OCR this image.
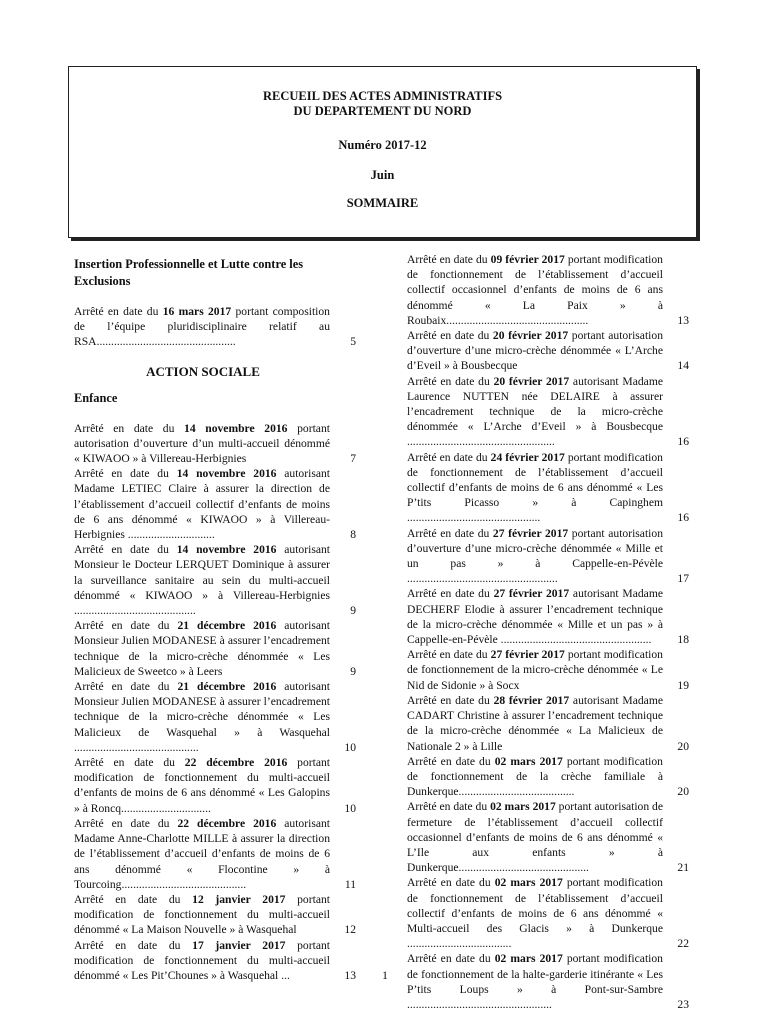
RECUEIL DES ACTES ADMINISTRATIFS
DU DEPARTEMENT DU NORD
Numéro 2017-12
Juin
SOMMAIRE
Insertion Professionnelle et Lutte contre les Exclusions
Arrêté en date du 16 mars 2017 portant composition de l’équipe pluridisciplinaire relatif au RSA................................................	5
ACTION SOCIALE
Enfance
Arrêté en date du 14 novembre 2016 portant autorisation d’ouverture d’un multi-accueil dénommé « KIWAOO » à Villereau-Herbignies	7
Arrêté en date du 14 novembre 2016 autorisant Madame LETIEC Claire à assurer la direction de l’établissement d’accueil collectif d’enfants de moins de 6 ans dénommé « KIWAOO » à Villereau-Herbignies ..............................	8
Arrêté en date du 14 novembre 2016 autorisant Monsieur le Docteur LERQUET Dominique à assurer la surveillance sanitaire au sein du multi-accueil dénommé « KIWAOO » à Villereau-Herbignies ..........................................	9
Arrêté en date du 21 décembre 2016 autorisant Monsieur Julien MODANESE à assurer l’encadrement technique de la micro-crèche dénommée « Les Malicieux de Sweetco » à Leers	9
Arrêté en date du 21 décembre 2016 autorisant Monsieur Julien MODANESE à assurer l’encadrement technique de la micro-crèche dénommée « Les Malicieux de Wasquehal » à Wasquehal ...........................................	10
Arrêté en date du 22 décembre 2016 portant modification de fonctionnement du multi-accueil d’enfants de moins de 6 ans dénommé « Les Galopins » à Roncq...............................	10
Arrêté en date du 22 décembre 2016 autorisant Madame Anne-Charlotte MILLE à assurer la direction de l’établissement d’accueil d’enfants de moins de 6 ans dénommé « Flocontine » à Tourcoing...........................................	11
Arrêté en date du 12 janvier 2017 portant modification de fonctionnement du multi-accueil dénommé « La Maison Nouvelle » à Wasquehal	12
Arrêté en date du 17 janvier 2017 portant modification de fonctionnement du multi-accueil dénommé « Les Pit’Chounes » à Wasquehal ...	13
Arrêté en date du 09 février 2017 portant modification de fonctionnement de l’établissement d’accueil collectif occasionnel d’enfants de moins de 6 ans dénommé « La Paix » à Roubaix.................................................	13
Arrêté en date du 20 février 2017 portant autorisation d’ouverture d’une micro-crèche dénommée « L’Arche d’Eveil » à Bousbecque	14
Arrêté en date du 20 février 2017 autorisant Madame Laurence NUTTEN née DELAIRE à assurer l’encadrement technique de la micro-crèche dénommée « L’Arche d’Eveil » à Bousbecque ...................................................	16
Arrêté en date du 24 février 2017 portant modification de fonctionnement de l’établissement d’accueil collectif d’enfants de moins de 6 ans dénommé « Les P’tits Picasso » à Capinghem ..............................................	16
Arrêté en date du 27 février 2017 portant autorisation d’ouverture d’une micro-crèche dénommée « Mille et un pas » à Cappelle-en-Pévèle ....................................................	17
Arrêté en date du 27 février 2017 autorisant Madame DECHERF Elodie à assurer l’encadrement technique de la micro-crèche dénommée « Mille et un pas » à Cappelle-en-Pévèle ....................................................	18
Arrêté en date du 27 février 2017 portant modification de fonctionnement de la micro-crèche dénommée « Le Nid de Sidonie » à Socx	19
Arrêté en date du 28 février 2017 autorisant Madame CADART Christine à assurer l’encadrement technique de la micro-crèche dénommée « La Malicieux de Nationale 2 » à Lille	20
Arrêté en date du 02 mars 2017 portant modification de fonctionnement de la crèche familiale à Dunkerque........................................	20
Arrêté en date du 02 mars 2017 portant autorisation de fermeture de l’établissement d’accueil collectif occasionnel d’enfants de moins de 6 ans dénommé « L’Ile aux enfants » à Dunkerque.............................................	21
Arrêté en date du 02 mars 2017 portant modification de fonctionnement de l’établissement d’accueil collectif d’enfants de moins de 6 ans dénommé « Multi-accueil des Glacis » à Dunkerque ....................................	22
Arrêté en date du 02 mars 2017 portant modification de fonctionnement de la halte-garderie itinérante « Les P’tits Loups » à Pont-sur-Sambre ..................................................	23
1
